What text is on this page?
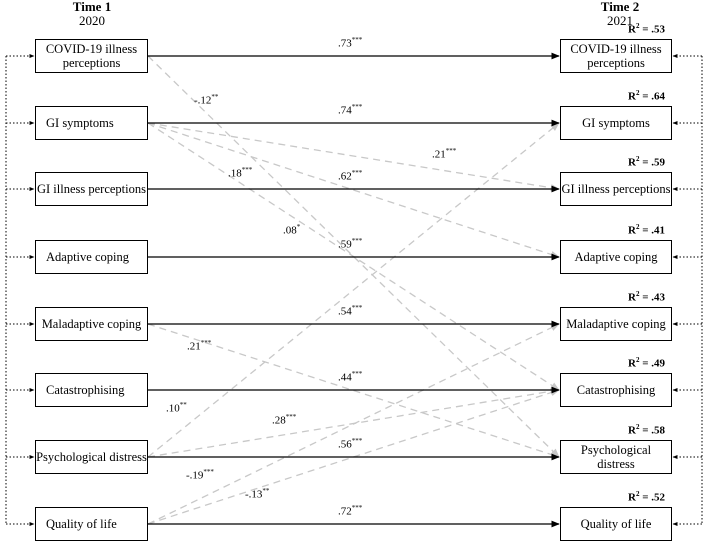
Time 1
2020
Time 2
2021
COVID-19 illness perceptions
GI symptoms
GI illness perceptions
Adaptive coping
Maladaptive coping
Catastrophising
Psychological distress
Quality of life
COVID-19 illness perceptions
GI symptoms
GI illness perceptions
Adaptive coping
Maladaptive coping
Catastrophising
Psychological distress
Quality of life
$R^2 = .53$
$R^2 = .64$
$R^2 = .59$
$R^2 = .41$
$R^2 = .43$
$R^2 = .49$
$R^2 = .58$
$R^2 = .52$
.73***
.74***
.62***
.59***
.54***
.44***
.56***
.72***
-.12**
.21***
.18***
.08*
.21***
.10**
.28***
-.19***
-.13**
